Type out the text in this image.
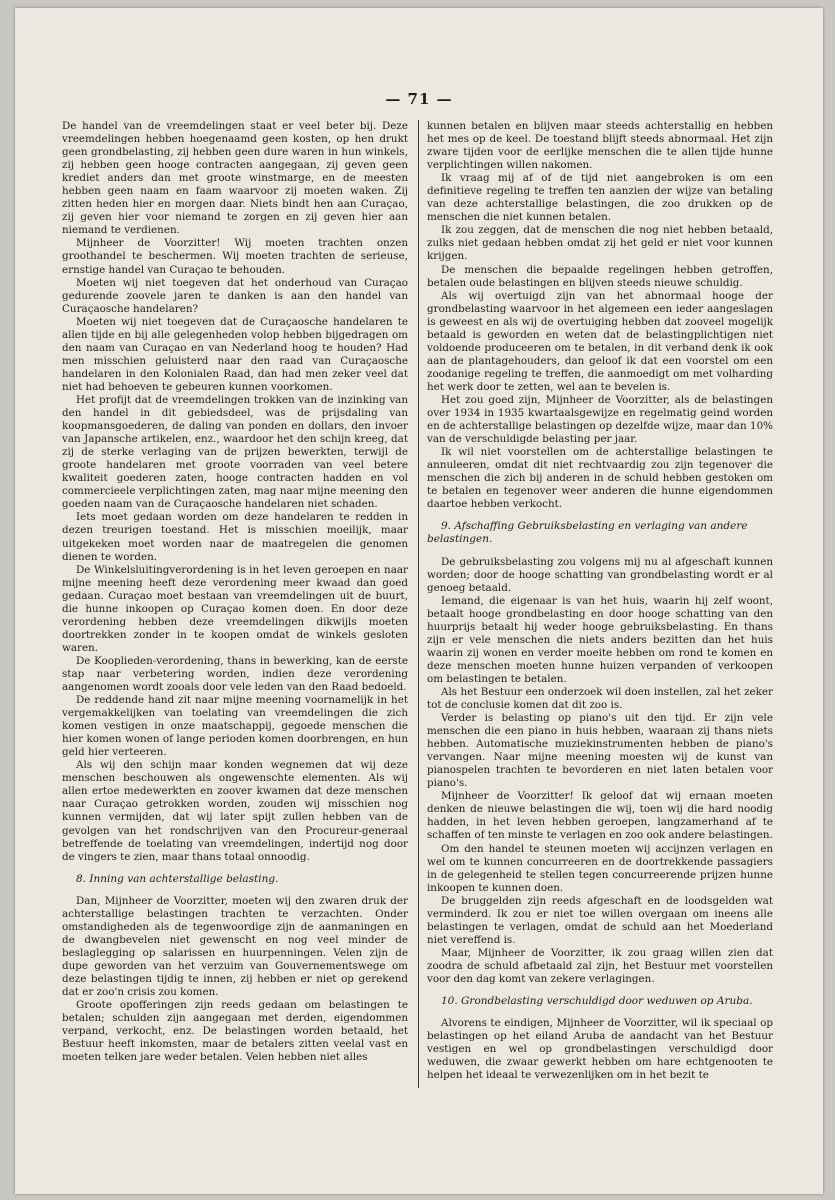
— 71 —

De handel van de vreemdelingen staat er veel beter bij. Deze vreemdelingen hebben hoegenaamd geen kosten, op hen drukt geen grondbelasting, zij hebben geen dure waren in hun winkels, zij hebben geen hooge contracten aangegaan, zij geven geen krediet anders dan met groote winstmarge, en de meesten hebben geen naam en faam waarvoor zij moeten waken. Zij zitten heden hier en morgen daar. Niets bindt hen aan Curaçao, zij geven hier voor niemand te zorgen en zij geven hier aan niemand te verdienen.

Mijnheer de Voorzitter! Wij moeten trachten onzen groothandel te beschermen. Wij moeten trachten de serieuse, ernstige handel van Curaçao te behouden.

Moeten wij niet toegeven dat het onderhoud van Curaçao gedurende zoovele jaren te danken is aan den handel van Curaçaosche handelaren?

Moeten wij niet toegeven dat de Curaçaosche handelaren te allen tijde en bij alle gelegenheden volop hebben bijgedragen om den naam van Curaçao en van Nederland hoog te houden? Had men misschien geluisterd naar den raad van Curaçaosche handelaren in den Kolonialen Raad, dan had men zeker veel dat niet had behoeven te gebeuren kunnen voorkomen.

Het profijt dat de vreemdelingen trokken van de inzinking van den handel in dit gebiedsdeel, was de prijsdaling van koopmansgoederen, de daling van ponden en dollars, den invoer van Japansche artikelen, enz., waardoor het den schijn kreeg, dat zij de sterke verlaging van de prijzen bewerkten, terwijl de groote handelaren met groote voorraden van veel betere kwaliteit goederen zaten, hooge contracten hadden en vol commercieele verplichtingen zaten, mag naar mijne meening den goeden naam van de Curaçaosche handelaren niet schaden.

Iets moet gedaan worden om deze handelaren te redden in dezen treurigen toestand. Het is misschien moeilijk, maar uitgekeken moet worden naar de maatregelen die genomen dienen te worden.

De Winkelsluitingverordening is in het leven geroepen en naar mijne meening heeft deze verordening meer kwaad dan goed gedaan. Curaçao moet bestaan van vreemdelingen uit de buurt, die hunne inkoopen op Curaçao komen doen. En door deze verordening hebben deze vreemdelingen dikwijls moeten doortrekken zonder in te koopen omdat de winkels gesloten waren.

De Kooplieden-verordening, thans in bewerking, kan de eerste stap naar verbetering worden, indien deze verordening aangenomen wordt zooals door vele leden van den Raad bedoeld.

De reddende hand zit naar mijne meening voornamelijk in het vergemakkelijken van toelating van vreemdelingen die zich komen vestigen in onze maatschappij, gegoede menschen die hier komen wonen of lange perioden komen doorbrengen, en hun geld hier verteeren.

Als wij den schijn maar konden wegnemen dat wij deze menschen beschouwen als ongewenschte elementen. Als wij allen ertoe medewerkten en zoover kwamen dat deze menschen naar Curaçao getrokken worden, zouden wij misschien nog kunnen vermijden, dat wij later spijt zullen hebben van de gevolgen van het rondschrijven van den Procureur-generaal betreffende de toelating van vreemdelingen, indertijd nog door de vingers te zien, maar thans totaal onnoodig.

8. Inning van achterstallige belasting.

Dan, Mijnheer de Voorzitter, moeten wij den zwaren druk der achterstallige belastingen trachten te verzachten. Onder omstandigheden als de tegenwoordige zijn de aanmaningen en de dwangbevelen niet gewenscht en nog veel minder de beslaglegging op salarissen en huurpenningen. Velen zijn de dupe geworden van het verzuim van Gouvernementswege om deze belastingen tijdig te innen, zij hebben er niet op gerekend dat er zoo'n crisis zou komen.

Groote opofferingen zijn reeds gedaan om belastingen te betalen; schulden zijn aangegaan met derden, eigendommen verpand, verkocht, enz. De belastingen worden betaald, het Bestuur heeft inkomsten, maar de betalers zitten veelal vast en moeten telken jare weder betalen. Velen hebben niet alles

kunnen betalen en blijven maar steeds achterstallig en hebben het mes op de keel. De toestand blijft steeds abnormaal. Het zijn zware tijden voor de eerlijke menschen die te allen tijde hunne verplichtingen willen nakomen.

Ik vraag mij af of de tijd niet aangebroken is om een definitieve regeling te treffen ten aanzien der wijze van betaling van deze achterstallige belastingen, die zoo drukken op de menschen die niet kunnen betalen.

Ik zou zeggen, dat de menschen die nog niet hebben betaald, zulks niet gedaan hebben omdat zij het geld er niet voor kunnen krijgen.

De menschen die bepaalde regelingen hebben getroffen, betalen oude belastingen en blijven steeds nieuwe schuldig.

Als wij overtuigd zijn van het abnormaal hooge der grondbelasting waarvoor in het algemeen een ieder aangeslagen is geweest en als wij de overtuiging hebben dat zooveel mogelijk betaald is geworden en weten dat de belastingplichtigen niet voldoende produceeren om te betalen, in dit verband denk ik ook aan de plantagehouders, dan geloof ik dat een voorstel om een zoodanige regeling te treffen, die aanmoedigt om met volharding het werk door te zetten, wel aan te bevelen is.

Het zou goed zijn, Mijnheer de Voorzitter, als de belastingen over 1934 in 1935 kwartaalsgewijze en regelmatig geind worden en de achterstallige belastingen op dezelfde wijze, maar dan 10% van de verschuldigde belasting per jaar.

Ik wil niet voorstellen om de achterstallige belastingen te annuleeren, omdat dit niet rechtvaardig zou zijn tegenover die menschen die zich bij anderen in de schuld hebben gestoken om te betalen en tegenover weer anderen die hunne eigendommen daartoe hebben verkocht.

9. Afschaffing Gebruiksbelasting en verlaging van andere belastingen.

De gebruiksbelasting zou volgens mij nu al afgeschaft kunnen worden; door de hooge schatting van grondbelasting wordt er al genoeg betaald.

Iemand, die eigenaar is van het huis, waarin hij zelf woont, betaalt hooge grondbelasting en door hooge schatting van den huurprijs betaalt hij weder hooge gebruiksbelasting. En thans zijn er vele menschen die niets anders bezitten dan het huis waarin zij wonen en verder moeite hebben om rond te komen en deze menschen moeten hunne huizen verpanden of verkoopen om belastingen te betalen.

Als het Bestuur een onderzoek wil doen instellen, zal het zeker tot de conclusie komen dat dit zoo is.

Verder is belasting op piano's uit den tijd. Er zijn vele menschen die een piano in huis hebben, waaraan zij thans niets hebben. Automatische muziekinstrumenten hebben de piano's vervangen. Naar mijne meening moesten wij de kunst van pianospelen trachten te bevorderen en niet laten betalen voor piano's.

Mijnheer de Voorzitter! Ik geloof dat wij ernaan moeten denken de nieuwe belastingen die wij, toen wij die hard noodig hadden, in het leven hebben geroepen, langzamerhand af te schaffen of ten minste te verlagen en zoo ook andere belastingen.

Om den handel te steunen moeten wij accijnzen verlagen en wel om te kunnen concurreeren en de doortrekkende passagiers in de gelegenheid te stellen tegen concurreerende prijzen hunne inkoopen te kunnen doen.

De bruggelden zijn reeds afgeschaft en de loodsgelden wat verminderd. Ik zou er niet toe willen overgaan om ineens alle belastingen te verlagen, omdat de schuld aan het Moederland niet vereffend is.

Maar, Mijnheer de Voorzitter, ik zou graag willen zien dat zoodra de schuld afbetaald zal zijn, het Bestuur met voorstellen voor den dag komt van zekere verlagingen.

10. Grondbelasting verschuldigd door weduwen op Aruba.

Alvorens te eindigen, Mijnheer de Voorzitter, wil ik speciaal op belastingen op het eiland Aruba de aandacht van het Bestuur vestigen en wel op grondbelastingen verschuldigd door weduwen, die zwaar gewerkt hebben om hare echtgenooten te helpen het ideaal te verwezenlijken om in het bezit te
